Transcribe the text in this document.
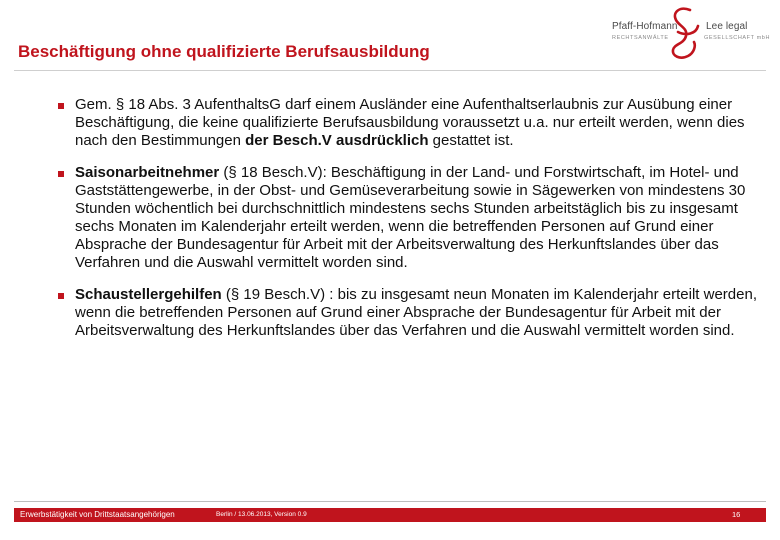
Pfaff-Hofmann
RECHTSANWÄLTE
Lee legal
GESELLSCHAFT mbH
Beschäftigung ohne qualifizierte Berufsausbildung
Gem. § 18 Abs. 3 AufenthaltsG darf einem Ausländer eine Aufenthaltserlaubnis zur Ausübung einer Beschäftigung, die keine qualifizierte Berufsausbildung voraussetzt u.a. nur erteilt werden, wenn dies nach den Bestimmungen der Besch.V ausdrücklich gestattet ist.
Saisonarbeitnehmer (§ 18 Besch.V): Beschäftigung in der Land- und Forstwirtschaft, im Hotel- und Gaststättengewerbe, in der Obst- und Gemüseverarbeitung sowie in Sägewerken von mindestens 30 Stunden wöchentlich bei durchschnittlich mindestens sechs Stunden arbeitstäglich bis zu insgesamt sechs Monaten im Kalenderjahr erteilt werden, wenn die betreffenden Personen auf Grund einer Absprache der Bundesagentur für Arbeit mit der Arbeitsverwaltung des Herkunftslandes über das Verfahren und die Auswahl vermittelt worden sind.
Schaustellergehilfen (§ 19 Besch.V) : bis zu insgesamt neun Monaten im Kalenderjahr erteilt werden, wenn die betreffenden Personen auf Grund einer Absprache der Bundesagentur für Arbeit mit der Arbeitsverwaltung des Herkunftslandes über das Verfahren und die Auswahl vermittelt worden sind.
Erwerbstätigkeit von Drittstaatsangehörigen	Berlin / 13.06.2013, Version 0.9	16
